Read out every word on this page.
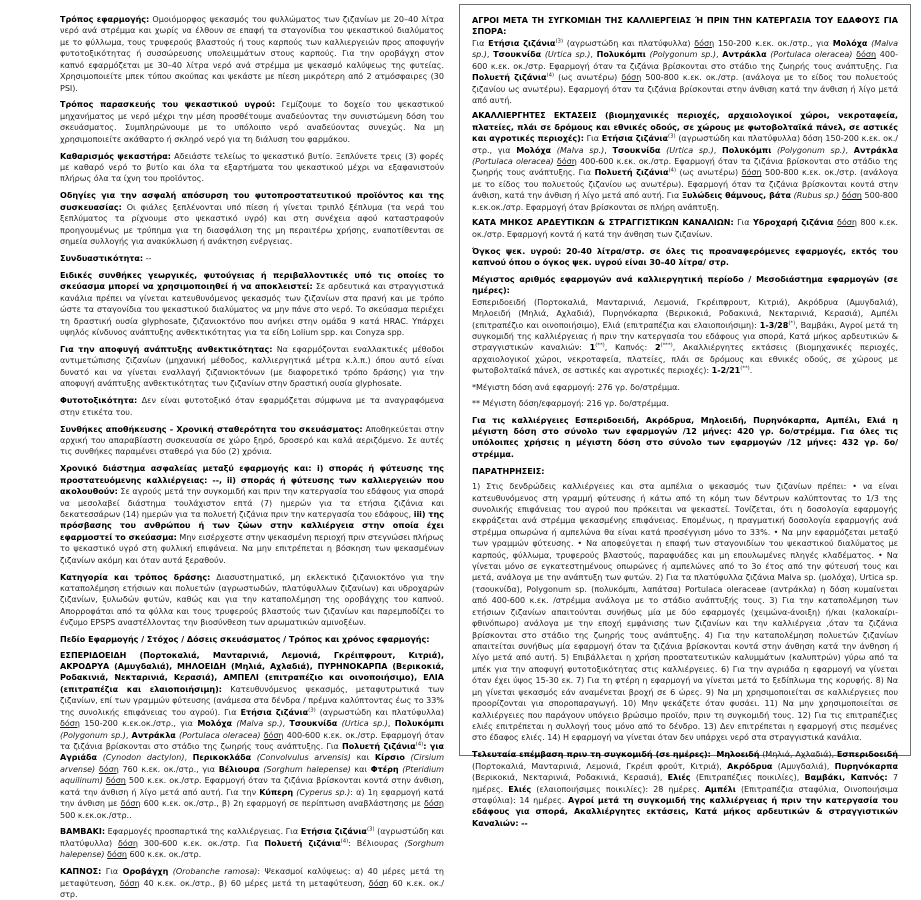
Τρόπος εφαρμογής: Ομοιόμορφος ψεκασμός του φυλλώματος των ζιζανίων με 20–40 λίτρα νερό ανά στρέμμα και χωρίς να έλθουν σε επαφή τα σταγονίδια του ψεκαστικού διαλύματος με το φύλλωμα, τους τρυφερούς βλαστούς ή τους καρπούς των καλλιεργειών προς αποφυγήν φυτοτοξικότητας ή συσσώρευσης υπολειμμάτων στους καρπούς. Για την οροβάγχη στον καπνό εφαρμόζεται με 30–40 λίτρα νερό ανά στρέμμα με ψεκασμό καλύψεως της φυτείας. Χρησιμοποιείτε μπεκ τύπου σκούπας και ψεκάστε με πίεση μικρότερη από 2 ατμόσφαιρες (30 PSI).

Τρόπος παρασκευής του ψεκαστικού υγρού: Γεμίζουμε το δοχείο του ψεκαστικού μηχανήματος με νερό μέχρι την μέση προσθέτουμε αναδεύοντας την συνιστώμενη δόση του σκευάσματος. Συμπληρώνουμε με το υπόλοιπο νερό αναδεύοντας συνεχώς. Να μη χρησιμοποιείτε ακάθαρτο ή σκληρό νερό για τη διάλυση του φαρμάκου.

Καθαρισμός ψεκαστήρα: Αδειάστε τελείως το ψεκαστικό βυτίο. Ξεπλύνετε τρεις (3) φορές με καθαρό νερό το βυτίο και όλα τα εξαρτήματα του ψεκαστικού μέχρι να εξαφανιστούν πλήρως όλα τα ίχνη του προϊόντος.

Οδηγίες για την ασφαλή απόσυρση του φυτοπροστατευτικού προϊόντος και της συσκευασίας: Οι φιάλες ξεπλένονται υπό πίεση ή γίνεται τριπλό ξέπλυμα (τα νερά του ξεπλύματος τα ρίχνουμε στο ψεκαστικό υγρό) και στη συνέχεια αφού καταστραφούν προηγουμένως με τρύπημα για τη διασφάλιση της μη περαιτέρω χρήσης, εναποτίθενται σε σημεία συλλογής για ανακύκλωση ή ανάκτηση ενέργειας.

Συνδυαστικότητα: --

Ειδικές συνθήκες γεωργικές, φυτούγειας ή περιβαλλοντικές υπό τις οποίες το σκεύασμα μπορεί να χρησιμοποιηθεί ή να αποκλειστεί: Σε αρδευτικά και στραγγιστικά κανάλια πρέπει να γίνεται κατευθυνόμενος ψεκασμός των ζιζανίων στα πρανή και με τρόπο ώστε τα σταγονίδια του ψεκαστικού διαλύματος να μην πάνε στο νερό. Το σκεύασμα περιέχει τη δραστική ουσία glyphosate, ζιζανιοκτόνο που ανήκει στην ομάδα 9 κατά HRAC. Υπάρχει υψηλός κίνδυνος ανάπτυξης ανθεκτικότητας για τα είδη Lolium spp. και Conyza spp.

Για την αποφυγή ανάπτυξης ανθεκτικότητας: Να εφαρμόζονται εναλλακτικές μέθοδοι αντιμετώπισης ζιζανίων (μηχανική μέθοδος, καλλιεργητικά μέτρα κ.λ.π.) όπου αυτό είναι δυνατό και να γίνεται εναλλαγή ζιζανιοκτόνων (με διαφορετικό τρόπο δράσης) για την αποφυγή ανάπτυξης ανθεκτικότητας των ζιζανίων στην δραστική ουσία glyphosate.

Φυτοτοξικότητα: Δεν είναι φυτοτοξικό όταν εφαρμόζεται σύμφωνα με τα αναγραφόμενα στην ετικέτα του.

Συνθήκες αποθήκευσης - Χρονική σταθερότητα του σκευάσματος: Αποθηκεύεται στην αρχική του απαραβίαστη συσκευασία σε χώρο ξηρό, δροσερό και καλά αεριζόμενο. Σε αυτές τις συνθήκες παραμένει σταθερό για δύο (2) χρόνια.

Χρονικό διάστημα ασφαλείας μεταξύ εφαρμογής και: i) σποράς ή φύτευσης της προστατευόμενης καλλιέργειας: --, ii) σποράς ή φύτευσης των καλλιεργειών που ακολουθούν: Σε αγρούς μετά την συγκομιδή και πριν την κατεργασία του εδάφους για σπορά να μεσολαβεί διάστημα τουλάχιστον επτά (7) ημερών για τα ετήσια ζιζάνια και δεκατεσσάρων (14) ημερών για τα πολυετή ζιζάνια πριν την κατεργασία του εδάφους, iii) της πρόσβασης του ανθρώπου ή των ζώων στην καλλιέργεια στην οποία έχει εφαρμοστεί το σκεύασμα: Μην εισέρχεστε στην ψεκασμένη περιοχή πριν στεγνώσει πλήρως το ψεκαστικό υγρό στη φυλλική επιφάνεια. Να μην επιτρέπεται η βόσκηση των ψεκασμένων ζιζανίων ακόμη και όταν αυτά ξεραθούν.

Κατηγορία και τρόπος δράσης: Διασυστηματικό, μη εκλεκτικό ζιζανιοκτόνο για την καταπολέμηση ετήσιων και πολυετών (αγρωστωδών, πλατύφυλλων ζιζανίων) και υδροχαρών ζιζανίων, ξυλωδών φυτών, καθώς και για την καταπολέμηση της οροβάγχης του καπνού. Απορροφάται από τα φύλλα και τους τρυφερούς βλαστούς των ζιζανίων και παρεμποδίζει το ένζυμο EPSPS αναστέλλοντας την βιοσύνθεση των αρωματικών αμινοξέων.

Πεδίο Εφαρμογής / Στόχος / Δόσεις σκευάσματος / Τρόπος και χρόνος εφαρμογής:

ΕΣΠΕΡΙΔΟΕΙΔΗ (Πορτοκαλιά, Μανταρινιά, Λεμονιά, Γκρέιπφρουτ, Κιτριά), ΑΚΡΟΔΡΥΑ (Αμυγδαλιά), ΜΗΛΟΕΙΔΗ (Μηλιά, Αχλαδιά), ΠΥΡΗΝΟΚΑΡΠΑ (Βερικοκιά, Ροδακινιά, Νεκταρινιά, Κερασιά), ΑΜΠΕΛΙ (επιτραπέζιο και οινοποιήσιμο), ΕΛΙΑ (επιτραπέζια και ελαιοποιήσιμη): Κατευθυνόμενος ψεκασμός, μεταφυτρωτικά των ζιζανίων, επί των γραμμών φύτευσης (ανάμεσα στα δένδρα / πρέμνα καλύπτοντας έως το 33% της συνολικής επιφάνειας του αγρού). Για Ετήσια ζιζάνια$^{(3)}$ (αγρωστώδη και πλατύφυλλα) δόση 150-200 κ.εκ.οκ./στρ., για Μολόχα (Malva sp.), Τσουκνίδα (Urtica sp.), Πολυκόμπι (Polygonum sp.), Αντράκλα (Portulaca oleracea) δόση 400-600 κ.εκ. οκ./στρ. Εφαρμογή όταν τα ζιζάνια βρίσκονται στο στάδιο της ζωηρής τους ανάπτυξης. Για Πολυετή ζιζάνια$^{(4)}$: για Αγριάδα (Cynodon dactylon), Περικοκλάδα (Convolvulus arvensis) και Κίρσιο (Cirsium arvense) δόση 760 κ.εκ. οκ./στρ., για Βέλιουρα (Sorghum halepense) και Φτέρη (Pteridium aquilinum) δόση 500 κ.εκ. οκ./στρ. Εφαρμογή όταν τα ζιζάνια βρίσκονται κοντά στην άνθιση, κατά την άνθιση ή λίγο μετά από αυτή. Για την Κύπερη (Cyperus sp.): α) 1η εφαρμογή κατά την άνθιση με δόση 600 κ.εκ. οκ./στρ., β) 2η εφαρμογή σε περίπτωση αναβλάστησης με δόση 500 κ.εκ.οκ./στρ..

ΒΑΜΒΑΚΙ: Εφαρμογές προσπαρτικά της καλλιέργειας. Για Ετήσια ζιζάνια$^{(3)}$ (αγρωστώδη και πλατύφυλλα) δόση 300-600 κ.εκ. οκ./στρ. Για Πολυετή ζιζάνια$^{(4)}$: Βέλιουρας (Sorghum halepense) δόση 600 κ.εκ. οκ./στρ.

ΚΑΠΝΟΣ: Για Οροβάγχη (Orobanche ramosa): Ψεκασμοί καλύψεως: α) 40 μέρες μετά τη μεταφύτευση, δόση 40 κ.εκ. οκ./στρ., β) 60 μέρες μετά τη μεταφύτευση, δόση 60 κ.εκ. οκ./στρ.

ΑΓΡΟΙ ΜΕΤΑ ΤΗ ΣΥΓΚΟΜΙΔΗ ΤΗΣ ΚΑΛΛΙΕΡΓΕΙΑΣ Ή ΠΡΙΝ ΤΗΝ ΚΑΤΕΡΓΑΣΙΑ ΤΟΥ ΕΔΑΦΟΥΣ ΓΙΑ ΣΠΟΡΑ:
Για Ετήσια ζιζάνια$^{(3)}$ (αγρωστώδη και πλατύφυλλα) δόση 150-200 κ.εκ. οκ./στρ., για Μολόχα (Malva sp.), Τσουκνίδα (Urtica sp.), Πολυκόμπι (Polygonum sp.), Αντράκλα (Portulaca oleracea) δόση 400-600 κ.εκ. οκ./στρ. Εφαρμογή όταν τα ζιζάνια βρίσκονται στο στάδιο της ζωηρής τους ανάπτυξης. Για Πολυετή ζιζάνια$^{(4)}$ (ως ανωτέρω) δόση 500-800 κ.εκ. οκ./στρ. (ανάλογα με το είδος του πολυετούς ζιζανίου ως ανωτέρω). Εφαρμογή όταν τα ζιζάνια βρίσκονται στην άνθιση κατά την άνθιση ή λίγο μετά από αυτή.

ΑΚΑΛΛΙΕΡΓΗΤΕΣ ΕΚΤΑΣΕΙΣ (βιομηχανικές περιοχές, αρχαιολογικοί χώροι, νεκροταφεία, πλατείες, πλάι σε δρόμους και εθνικές οδούς, σε χώρους με φωτοβολταϊκά πάνελ, σε αστικές και αγροτικές περιοχές): Για Ετήσια ζιζάνια$^{(3)}$ (αγρωστώδη και πλατύφυλλα) δόση 150-200 κ.εκ. οκ./στρ., για Μολόχα (Malva sp.), Τσουκνίδα (Urtica sp.), Πολυκόμπι (Polygonum sp.), Αντράκλα (Portulaca oleracea) δόση 400-600 κ.εκ. οκ./στρ. Εφαρμογή όταν τα ζιζάνια βρίσκονται στο στάδιο της ζωηρής τους ανάπτυξης. Για Πολυετή ζιζάνια$^{(4)}$ (ως ανωτέρω) δόση 500-800 κ.εκ. οκ./στρ. (ανάλογα με το είδος του πολυετούς ζιζανίου ως ανωτέρω). Εφαρμογή όταν τα ζιζάνια βρίσκονται κοντά στην άνθιση, κατά την άνθιση ή λίγο μετά από αυτή. Για Ξυλώδεις θάμνους, βάτα (Rubus sp.) δόση 500-800 κ.εκ.οκ./στρ. Εφαρμογή όταν βρίσκονται σε πλήρη ανάπτυξη.

ΚΑΤΑ ΜΗΚΟΣ ΑΡΔΕΥΤΙΚΩΝ & ΣΤΡΑΓΓΙΣΤΙΚΩΝ ΚΑΝΑΛΙΩΝ: Για Υδροχαρή ζιζάνια δόση 800 κ.εκ. οκ./στρ. Εφαρμογή κοντά ή κατά την άνθηση των ζιζανίων.

Όγκος ψεκ. υγρού: 20-40 λίτρα/στρ. σε όλες τις προαναφερόμενες εφαρμογές, εκτός του καπνού όπου ο όγκος ψεκ. υγρού είναι 30–40 λίτρα/ στρ.

Μέγιστος αριθμός εφαρμογών ανά καλλιεργητική περίοδο / Μεσοδιάστημα εφαρμογών (σε ημέρες):
Εσπεριδοειδή (Πορτοκαλιά, Μανταρινιά, Λεμονιά, Γκρέιπφρουτ, Κιτριά), Ακρόδρυα (Αμυγδαλιά), Μηλοειδή (Μηλιά, Αχλαδιά), Πυρηνόκαρπα (Βερικοκιά, Ροδακινιά, Νεκταρινιά, Κερασιά), Αμπέλι (επιτραπέζιο και οινοποιήσιμο), Ελιά (επιτραπέζια και ελαιοποιήσιμη): 1-3/28(*), Βαμβάκι, Αγροί μετά τη συγκομιδή της καλλιέργειας ή πριν την κατεργασία του εδάφους για σπορά, Κατά μήκος αρδευτικών & στραγγιστικών καναλιών: 1(**), Καπνός: 2(***), Ακαλλιέργητες εκτάσεις (βιομηχανικές περιοχές, αρχαιολογικοί χώροι, νεκροταφεία, πλατείες, πλάι σε δρόμους και εθνικές οδούς, σε χώρους με φωτοβολταϊκά πάνελ, σε αστικές και αγροτικές περιοχές): 1-2/21(**).

*Μέγιστη δόση ανά εφαρμογή: 276 γρ. δο/στρέμμα.

** Μέγιστη δόση/εφαρμογή: 216 γρ. δο/στρέμμα.

Για τις καλλιέργειες Εσπεριδοειδή, Ακρόδρυα, Μηλοειδή, Πυρηνόκαρπα, Αμπέλι, Ελιά η μέγιστη δόση στο σύνολο των εφαρμογών /12 μήνες: 420 γρ. δο/στρέμμα. Για όλες τις υπόλοιπες χρήσεις η μέγιστη δόση στο σύνολο των εφαρμογών /12 μήνες: 432 γρ. δο/στρέμμα.

ΠΑΡΑΤΗΡΗΣΕΙΣ:

1) Στις δενδρώδεις καλλιέργειες και στα αμπέλια ο ψεκασμός των ζιζανίων πρέπει: • να είναι κατευθυνόμενος στη γραμμή φύτευσης ή κάτω από τη κόμη των δέντρων καλύπτοντας το 1/3 της συνολικής επιφάνειας του αγρού που πρόκειται να ψεκαστεί. Τονίζεται, ότι η δοσολογία εφαρμογής εκφράζεται ανά στρέμμα ψεκασμένης επιφάνειας. Επομένως, η πραγματική δοσολογία εφαρμογής ανά στρέμμα οπωρώνα ή αμπελώνα θα είναι κατά προσέγγιση μόνο το 33%. • Να μην εφαρμόζεται μεταξύ των γραμμών φύτευσης. • Να αποφεύγεται η επαφή των σταγονιδίων του ψεκαστικού διαλύματος με καρπούς, φύλλωμα, τρυφερούς βλαστούς, παραφυάδες και μη επουλωμένες πληγές κλαδέματος. • Να γίνεται μόνο σε εγκατεστημένους οπωρώνες ή αμπελώνες από το 3ο έτος από την φύτευσή τους και μετά, ανάλογα με την ανάπτυξη των φυτών. 2) Για τα πλατύφυλλα ζιζάνια Malva sp. (μολόχα), Urtica sp. (τσουκνίδα), Polygonum sp. (πολυκόμπι, λαπάτσα) Portulaca oleraceae (αντράκλα) η δόση κυμαίνεται από 400-600 κ.εκ. /στρέμμα ανάλογα με το στάδιο ανάπτυξής τους. 3) Για την καταπολέμηση των ετήσιων ζιζανίων απαιτούνται συνήθως μία με δύο εφαρμογές (χειμώνα-άνοιξη) ή/και (καλοκαίρι-φθινόπωρο) ανάλογα με την εποχή εμφάνισης των ζιζανίων και την καλλιέργεια ,όταν τα ζιζάνια βρίσκονται στο στάδιο της ζωηρής τους ανάπτυξης. 4) Για την καταπολέμηση πολυετών ζιζανίων απαιτείται συνήθως μία εφαρμογή όταν τα ζιζάνια βρίσκονται κοντά στην άνθηση κατά την άνθηση ή λίγο μετά από αυτή. 5) Επιβάλλεται η χρήση προστατευτικών καλυμμάτων (καλυπτρών) γύρω από τα μπέκ για την αποφυγή φυτοτοξικότητας στις καλλιέργειες. 6) Για την αγριάδα η εφαρμογή να γίνεται όταν έχει ύψος 15-30 εκ. 7) Για τη φτέρη η εφαρμογή να γίνεται μετά το ξεδίπλωμα της κορυφής. 8) Να μη γίνεται ψεκασμός εάν αναμένεται βροχή σε 6 ώρες. 9) Να μη χρησιμοποιείται σε καλλιέργειες που προορίζονται για σποροπαραγωγή. 10) Μην ψεκάζετε όταν φυσάει. 11) Να μην χρησιμοποιείται σε καλλιέργειες που παράγουν υπόγειο βρώσιμο προϊόν, πριν τη συγκομιδή τους. 12) Για τις επιτραπέζιες ελιές επιτρέπεται η συλλογή τους μόνο από το δένδρο. 13) Δεν επιτρέπεται η εφαρμογή στις πεσμένες στο έδαφος ελιές. 14) Η εφαρμογή να γίνεται όταν δεν υπάρχει νερό στα στραγγιστικά κανάλια.

Τελευταία επέμβαση πριν τη συγκομιδή (σε ημέρες): Μηλοειδή (Μηλιά, Αχλαδιά), Εσπεριδοειδή (Πορτοκαλιά, Μανταρινιά, Λεμονιά, Γκρέιπ φρούτ, Κιτριά), Ακρόδρυα (Αμυγδαλιά), Πυρηνόκαρπα (Βερικοκιά, Νεκταρινιά, Ροδακινιά, Κερασιά), Ελιές (Επιτραπέζιες ποικιλίες), Βαμβάκι, Καπνός: 7 ημέρες. Ελιές (ελαιοποιήσιμες ποικιλίες): 28 ημέρες. Αμπέλι (Επιτραπέζια σταφύλια, Οινοποιήσιμα σταφύλια): 14 ημέρες. Αγροί μετά τη συγκομιδή της καλλιέργειας ή πριν την κατεργασία του εδάφους για σπορά, Ακαλλιέργητες εκτάσεις, Κατά μήκος αρδευτικών & στραγγιστικών Καναλιών: --
